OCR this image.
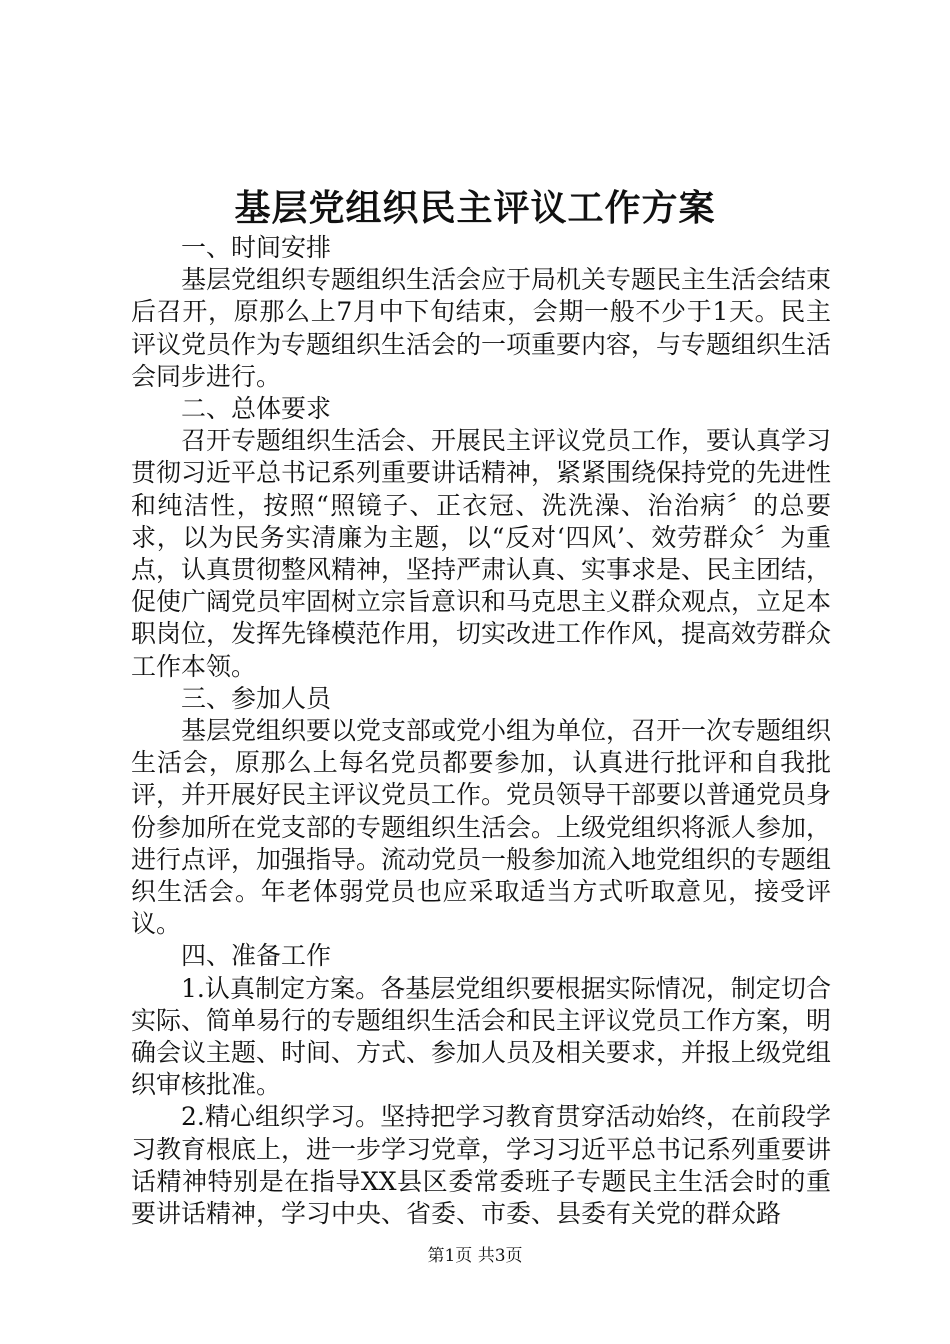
基层党组织民主评议工作方案
一、时间安排
基层党组织专题组织生活会应于局机关专题民主生活会结束后召开，原那么上7月中下旬结束，会期一般不少于1天。民主评议党员作为专题组织生活会的一项重要内容，与专题组织生活会同步进行。
二、总体要求
召开专题组织生活会、开展民主评议党员工作，要认真学习贯彻习近平总书记系列重要讲话精神，紧紧围绕保持党的先进性和纯洁性，按照“照镜子、正衣冠、洗洗澡、治治病〞的总要求，以为民务实清廉为主题，以“反对‘四风’、效劳群众〞为重点，认真贯彻整风精神，坚持严肃认真、实事求是、民主团结，促使广阔党员牢固树立宗旨意识和马克思主义群众观点，立足本职岗位，发挥先锋模范作用，切实改进工作作风，提高效劳群众工作本领。
三、参加人员
基层党组织要以党支部或党小组为单位，召开一次专题组织生活会，原那么上每名党员都要参加，认真进行批评和自我批评，并开展好民主评议党员工作。党员领导干部要以普通党员身份参加所在党支部的专题组织生活会。上级党组织将派人参加，进行点评，加强指导。流动党员一般参加流入地党组织的专题组织生活会。年老体弱党员也应采取适当方式听取意见，接受评议。
四、准备工作
1.认真制定方案。各基层党组织要根据实际情况，制定切合实际、简单易行的专题组织生活会和民主评议党员工作方案，明确会议主题、时间、方式、参加人员及相关要求，并报上级党组织审核批准。
2.精心组织学习。坚持把学习教育贯穿活动始终，在前段学习教育根底上，进一步学习党章，学习习近平总书记系列重要讲话精神特别是在指导XX县区委常委班子专题民主生活会时的重要讲话精神，学习中央、省委、市委、县委有关党的群众路
第1页 共3页
